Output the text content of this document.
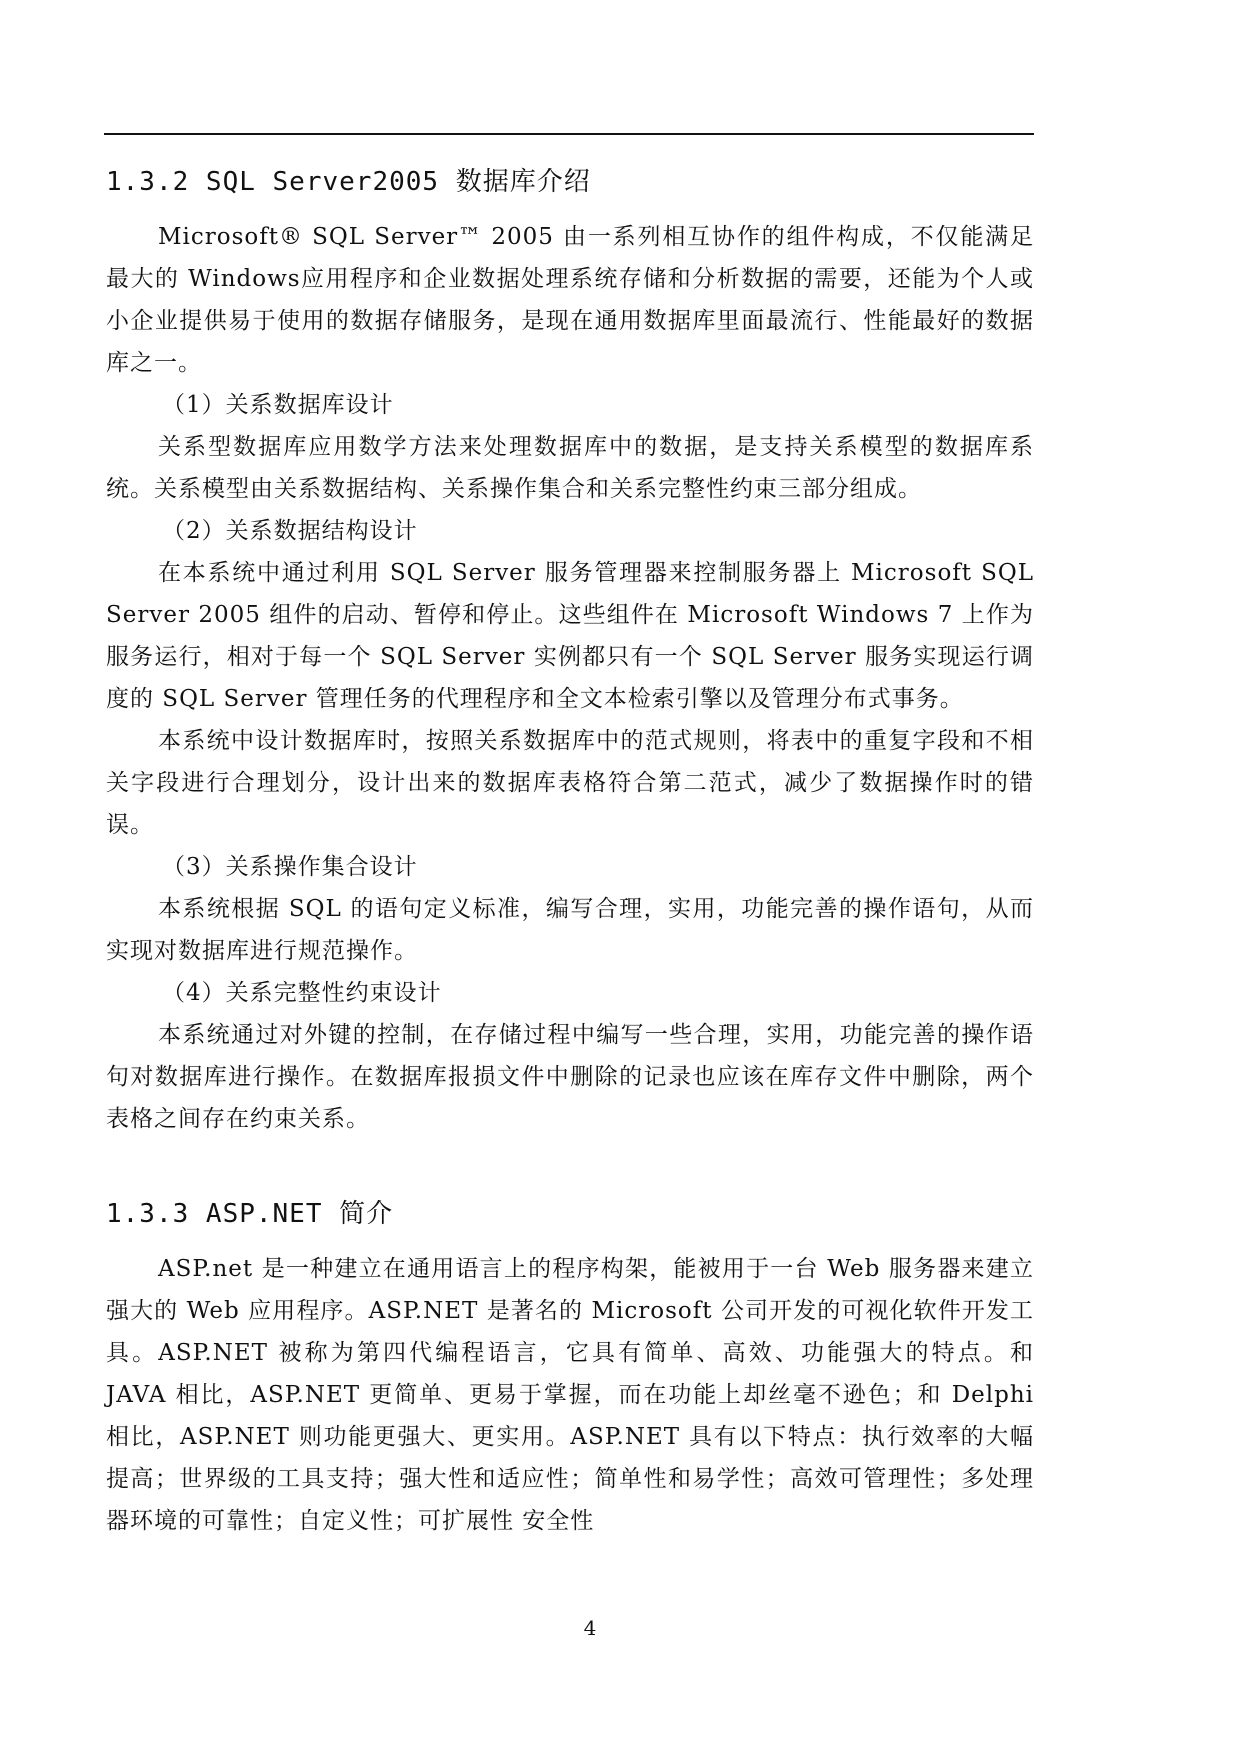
1.3.2 SQL Server2005 数据库介绍

Microsoft® SQL Server™ 2005 由一系列相互协作的组件构成，不仅能满足最大的 Windows应用程序和企业数据处理系统存储和分析数据的需要，还能为个人或小企业提供易于使用的数据存储服务，是现在通用数据库里面最流行、性能最好的数据库之一。

（1）关系数据库设计

关系型数据库应用数学方法来处理数据库中的数据，是支持关系模型的数据库系统。关系模型由关系数据结构、关系操作集合和关系完整性约束三部分组成。

（2）关系数据结构设计

在本系统中通过利用 SQL Server 服务管理器来控制服务器上 Microsoft SQL Server 2005 组件的启动、暂停和停止。这些组件在 Microsoft Windows 7 上作为服务运行，相对于每一个 SQL Server 实例都只有一个 SQL Server 服务实现运行调度的 SQL Server 管理任务的代理程序和全文本检索引擎以及管理分布式事务。

本系统中设计数据库时，按照关系数据库中的范式规则，将表中的重复字段和不相关字段进行合理划分，设计出来的数据库表格符合第二范式，减少了数据操作时的错误。

（3）关系操作集合设计

本系统根据 SQL 的语句定义标准，编写合理，实用，功能完善的操作语句，从而实现对数据库进行规范操作。

（4）关系完整性约束设计

本系统通过对外键的控制，在存储过程中编写一些合理，实用，功能完善的操作语句对数据库进行操作。在数据库报损文件中删除的记录也应该在库存文件中删除，两个表格之间存在约束关系。

1.3.3 ASP.NET 简介

ASP.net 是一种建立在通用语言上的程序构架，能被用于一台 Web 服务器来建立强大的 Web 应用程序。ASP.NET 是著名的 Microsoft 公司开发的可视化软件开发工具。ASP.NET 被称为第四代编程语言，它具有简单、高效、功能强大的特点。和 JAVA 相比，ASP.NET 更简单、更易于掌握，而在功能上却丝毫不逊色；和 Delphi 相比，ASP.NET 则功能更强大、更实用。ASP.NET 具有以下特点：执行效率的大幅提高；世界级的工具支持；强大性和适应性；简单性和易学性；高效可管理性；多处理器环境的可靠性；自定义性；可扩展性 安全性

4
